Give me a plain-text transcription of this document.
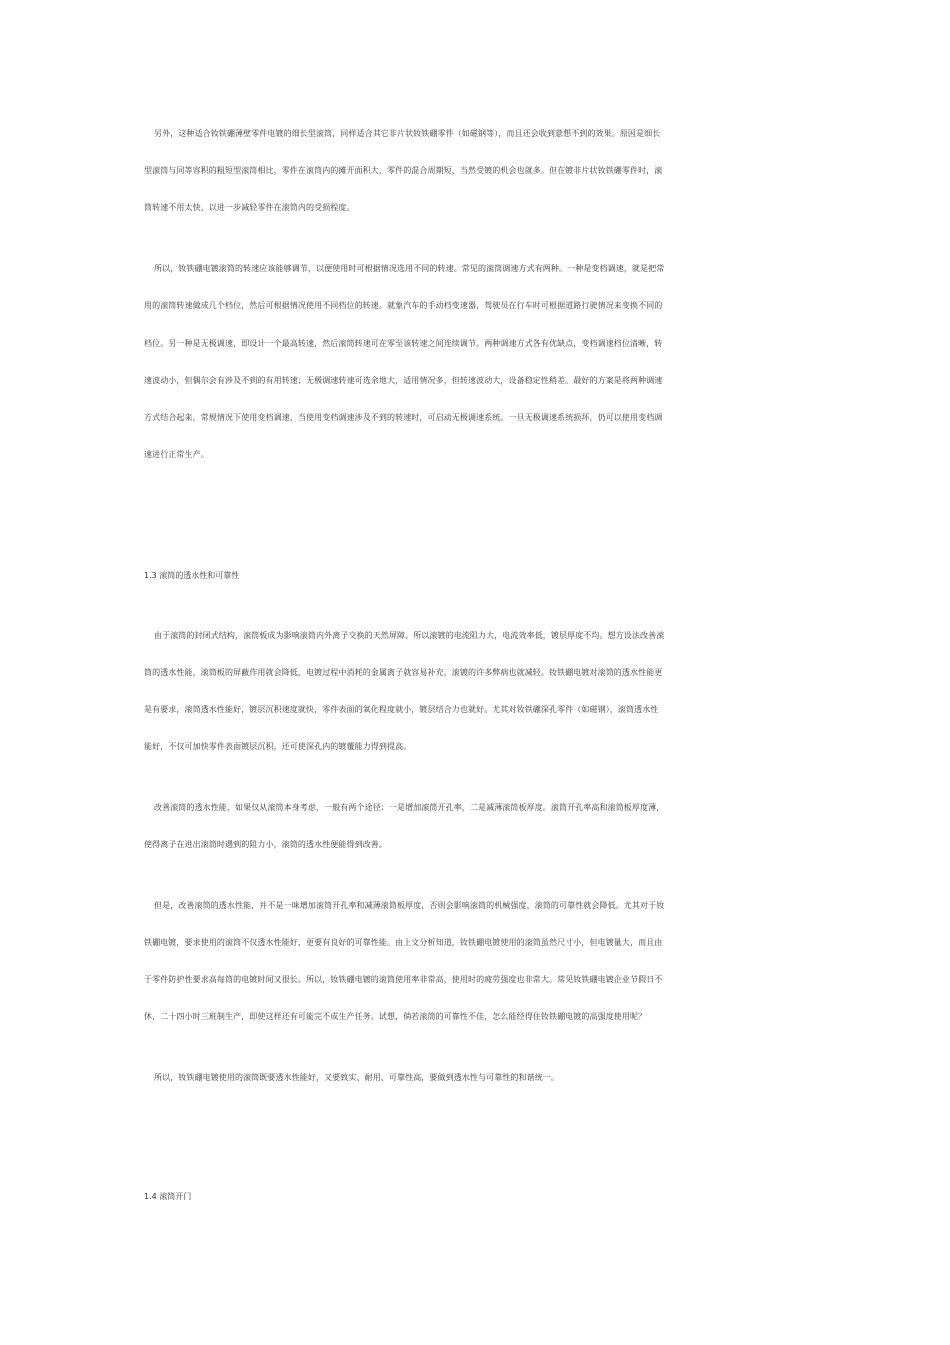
另外，这种适合钕铁硼薄壁零件电镀的细长型滚筒，同样适合其它非片状钕铁硼零件（如磁钢等），而且还会收到意想不到的效果。原因是细长
型滚筒与同等容积的粗短型滚筒相比，零件在滚筒内的摊开面积大，零件的混合周期短，当然受镀的机会也就多。但在镀非片状钕铁硼零件时，滚
筒转速不用太快，以进一步减轻零件在滚筒内的受损程度。
所以，钕铁硼电镀滚筒的转速应该能够调节，以便使用时可根据情况选用不同的转速。常见的滚筒调速方式有两种。一种是变档调速，就是把常
用的滚筒转速做成几个档位，然后可根据情况使用不同档位的转速。就象汽车的手动档变速器，驾驶员在行车时可根据道路行驶情况来变换不同的
档位。另一种是无极调速，即设计一个最高转速，然后滚筒转速可在零至该转速之间连续调节。两种调速方式各有优缺点，变档调速档位清晰，转
速波动小，但偶尔会有涉及不到的有用转速；无极调速转速可选余地大，适用情况多，但转速波动大，设备稳定性稍差。最好的方案是将两种调速
方式结合起来，常规情况下使用变档调速，当使用变档调速涉及不到的转速时，可启动无极调速系统。一旦无极调速系统损坏，仍可以使用变档调
速进行正常生产。
1.3 滚筒的透水性和可靠性
由于滚筒的封闭式结构，滚筒板成为影响滚筒内外离子交换的天然屏障。所以滚镀的电流阻力大，电流效率低，镀层厚度不均。想方设法改善滚
筒的透水性能，滚筒板的屏蔽作用就会降低，电镀过程中消耗的金属离子就容易补充，滚镀的许多弊病也就减轻。钕铁硼电镀对滚筒的透水性能更
是有要求，滚筒透水性能好，镀层沉积速度就快，零件表面的氧化程度就小，镀层结合力也就好。尤其对钕铁硼深孔零件（如磁钢），滚筒透水性
能好，不仅可加快零件表面镀层沉积，还可使深孔内的镀覆能力得到提高。
改善滚筒的透水性能，如果仅从滚筒本身考虑，一般有两个途径：一是增加滚筒开孔率，二是减薄滚筒板厚度。滚筒开孔率高和滚筒板厚度薄，
使得离子在进出滚筒时遇到的阻力小，滚筒的透水性便能得到改善。
但是，改善滚筒的透水性能，并不是一味增加滚筒开孔率和减薄滚筒板厚度，否则会影响滚筒的机械强度，滚筒的可靠性就会降低。尤其对于钕
铁硼电镀，要求使用的滚筒不仅透水性能好，更要有良好的可靠性能。由上文分析知道，钕铁硼电镀使用的滚筒虽然尺寸小，但电镀量大，而且由
于零件防护性要求高每筒的电镀时间又很长。所以，钕铁硼电镀的滚筒使用率非常高，使用时的疲劳强度也非常大。常见钕铁硼电镀企业节假日不
休，二十四小时三班制生产，即使这样还有可能完不成生产任务。试想，倘若滚筒的可靠性不佳，怎么能经得住钕铁硼电镀的高强度使用呢？
所以，钕铁硼电镀使用的滚筒既要透水性能好，又要致实、耐用、可靠性高，要做到透水性与可靠性的和谐统一。
1.4 滚筒开门
